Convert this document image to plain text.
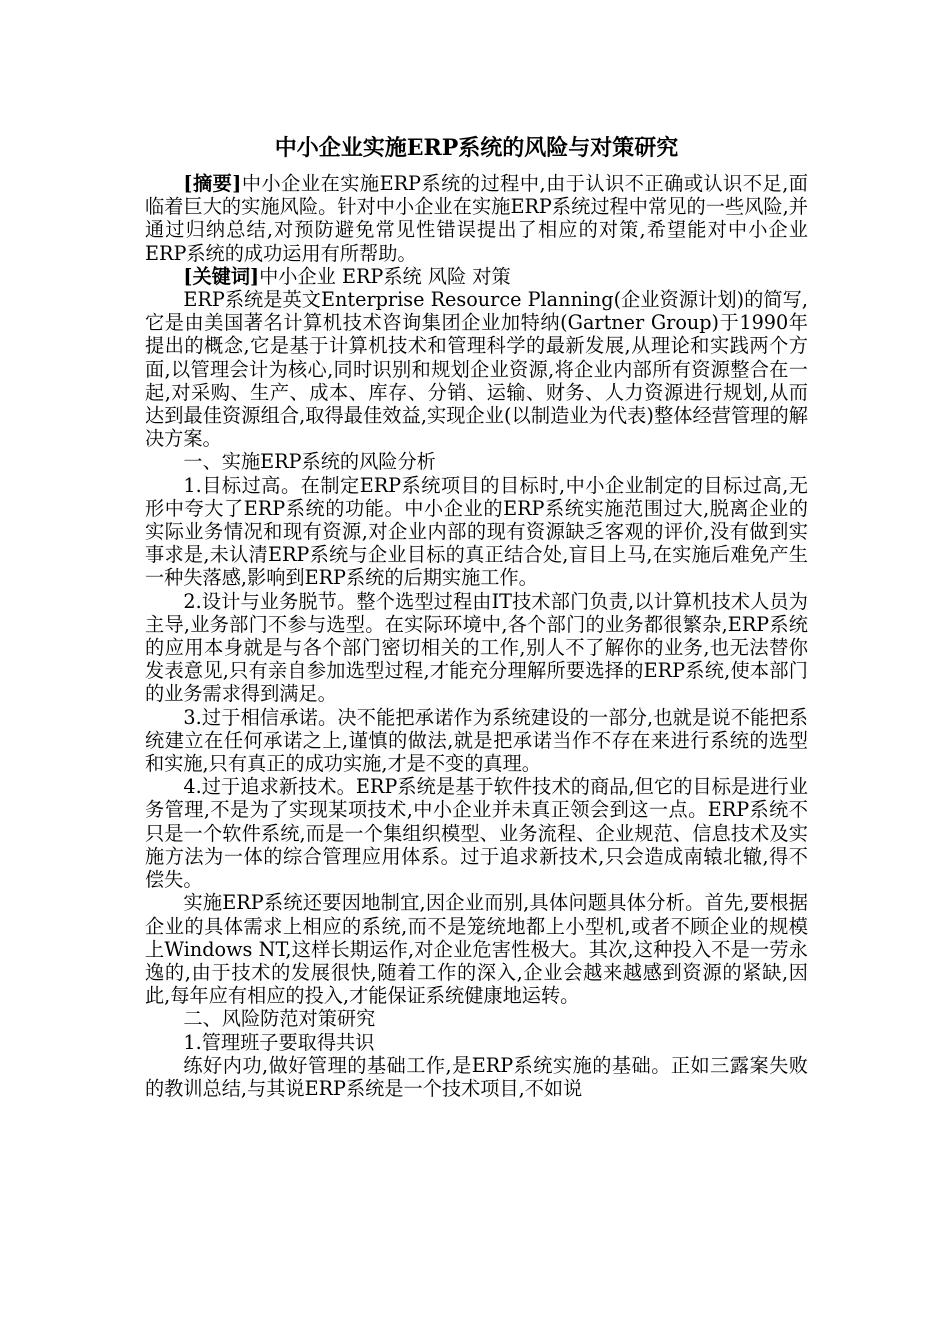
中小企业实施ERP系统的风险与对策研究

[摘要]中小企业在实施ERP系统的过程中,由于认识不正确或认识不足,面临着巨大的实施风险。针对中小企业在实施ERP系统过程中常见的一些风险,并通过归纳总结,对预防避免常见性错误提出了相应的对策,希望能对中小企业ERP系统的成功运用有所帮助。

[关键词]中小企业 ERP系统 风险 对策

ERP系统是英文Enterprise Resource Planning(企业资源计划)的简写,它是由美国著名计算机技术咨询集团企业加特纳(Gartner Group)于1990年提出的概念,它是基于计算机技术和管理科学的最新发展,从理论和实践两个方面,以管理会计为核心,同时识别和规划企业资源,将企业内部所有资源整合在一起,对采购、生产、成本、库存、分销、运输、财务、人力资源进行规划,从而达到最佳资源组合,取得最佳效益,实现企业(以制造业为代表)整体经营管理的解决方案。

一、实施ERP系统的风险分析

1.目标过高。在制定ERP系统项目的目标时,中小企业制定的目标过高,无形中夸大了ERP系统的功能。中小企业的ERP系统实施范围过大,脱离企业的实际业务情况和现有资源,对企业内部的现有资源缺乏客观的评价,没有做到实事求是,未认清ERP系统与企业目标的真正结合处,盲目上马,在实施后难免产生一种失落感,影响到ERP系统的后期实施工作。

2.设计与业务脱节。整个选型过程由IT技术部门负责,以计算机技术人员为主导,业务部门不参与选型。在实际环境中,各个部门的业务都很繁杂,ERP系统的应用本身就是与各个部门密切相关的工作,别人不了解你的业务,也无法替你发表意见,只有亲自参加选型过程,才能充分理解所要选择的ERP系统,使本部门的业务需求得到满足。

3.过于相信承诺。决不能把承诺作为系统建设的一部分,也就是说不能把系统建立在任何承诺之上,谨慎的做法,就是把承诺当作不存在来进行系统的选型和实施,只有真正的成功实施,才是不变的真理。

4.过于追求新技术。ERP系统是基于软件技术的商品,但它的目标是进行业务管理,不是为了实现某项技术,中小企业并未真正领会到这一点。ERP系统不只是一个软件系统,而是一个集组织模型、业务流程、企业规范、信息技术及实施方法为一体的综合管理应用体系。过于追求新技术,只会造成南辕北辙,得不偿失。

实施ERP系统还要因地制宜,因企业而别,具体问题具体分析。首先,要根据企业的具体需求上相应的系统,而不是笼统地都上小型机,或者不顾企业的规模上Windows NT,这样长期运作,对企业危害性极大。其次,这种投入不是一劳永逸的,由于技术的发展很快,随着工作的深入,企业会越来越感到资源的紧缺,因此,每年应有相应的投入,才能保证系统健康地运转。

二、风险防范对策研究

1.管理班子要取得共识

练好内功,做好管理的基础工作,是ERP系统实施的基础。正如三露案失败的教训总结,与其说ERP系统是一个技术项目,不如说
